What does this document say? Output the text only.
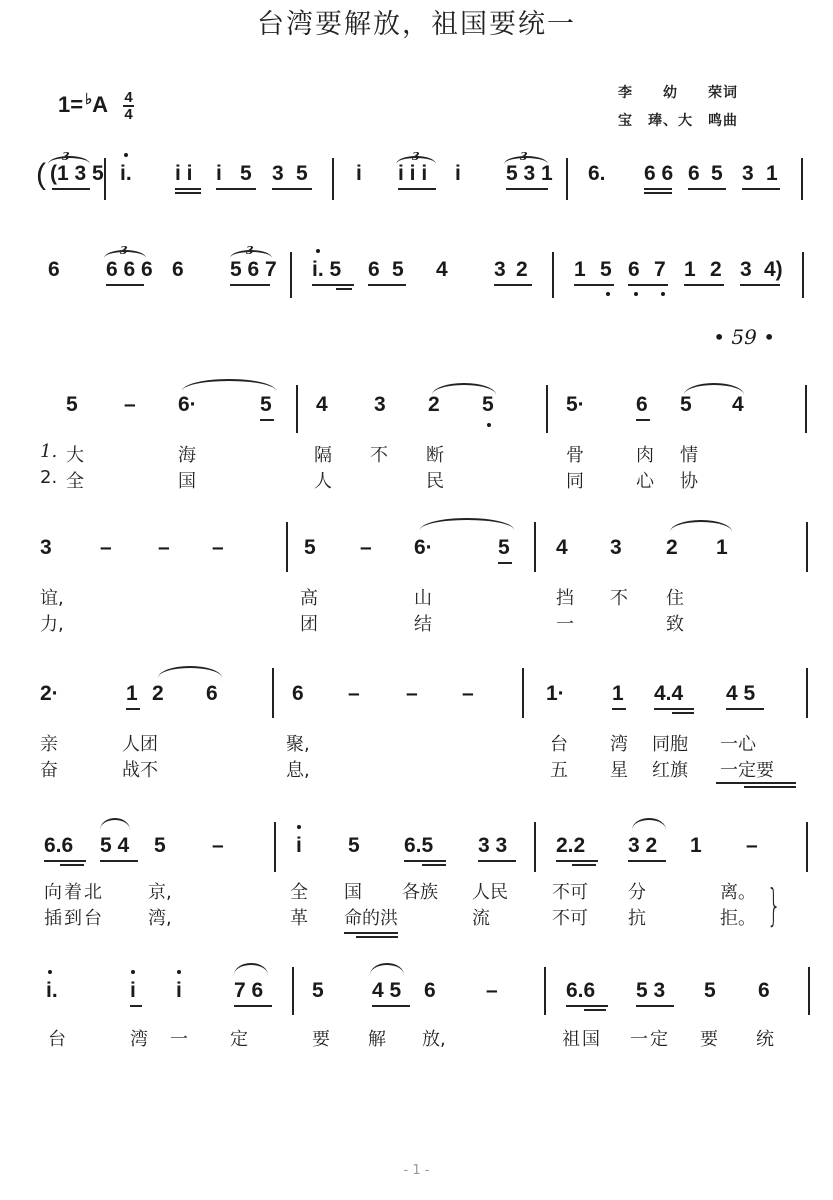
台湾要解放，祖国要统一
$1= ^♭A \frac{4}{4}$	李　　幼　　荣词
宝　琫、大　鸣曲
(
3
(1 3 5 i. i i i 5 3 5 i
3
i i i i
3
5 3 1 6. 6 6 6 5 3 1
6
3
6 6 6 6
3
5 6 7 i. 5 6 5 4 3 2 1 5 6 7 1 2 3 4)
• 59 •
5 – 6·	5 4 3 2 5	5· 6 5 4
1. 大	海	隔 不 断	骨	肉 情
2. 全	国	人	民	同	心 协
3 – – –	5 – 6·	5 4 3 2 1
谊,	高	山	挡 不 住
力,	团	结	一	致
2·	1 2 6	6 – – –	1· 1 4.4 4 5
亲	人团	聚,	台 湾 同胞 一心
奋	战不	息,	五 星 红旗 一定要
6.6 5 4 5 –	i 5 6.5 3 3 2.2 3 2 1 –
向着北 京,	全 国 各族 人民 不可 分	离。
插到台 湾,	革 命的洪	流	不可 抗	拒。 }
i.	i i 7 6 5 4 5 6 –	6.6 5 3 5 6
台	湾一 定	要 解 放,	祖国 一定 要 统
- 1 -
